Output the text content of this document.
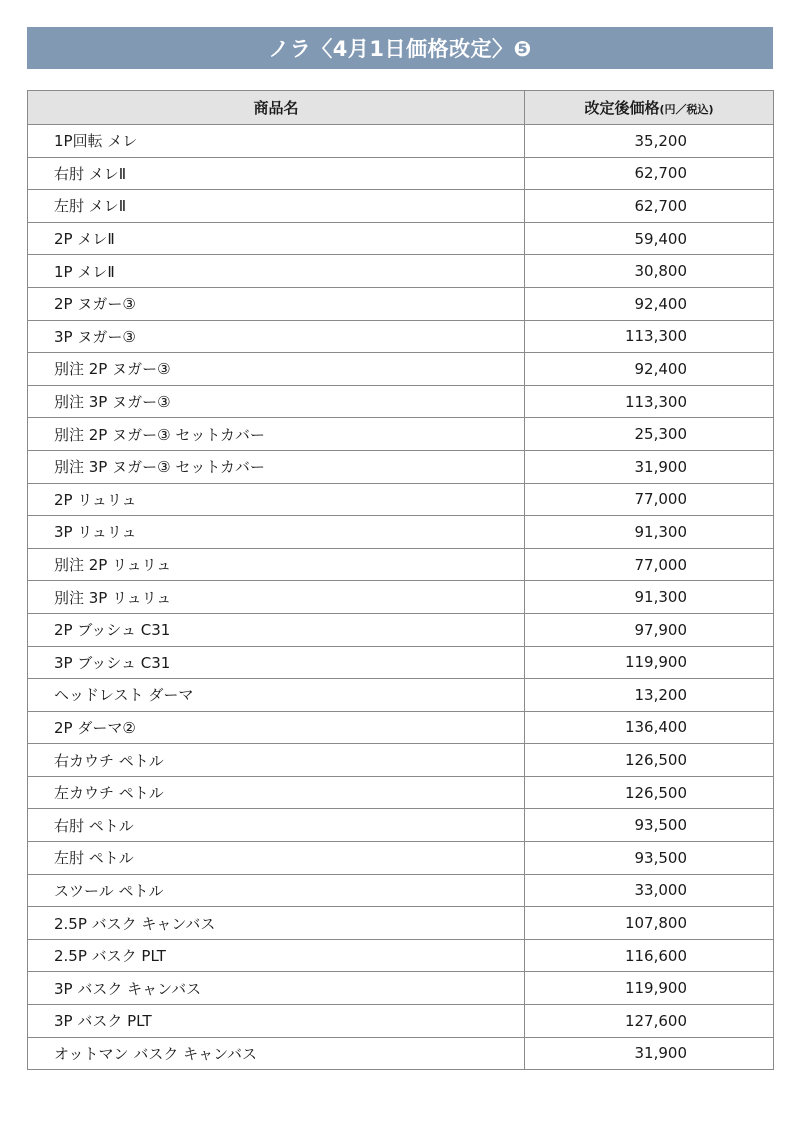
ノラ〈4月1日価格改定〉❺
商品名	改定後価格(円／税込)
1P回転 メレ	35,200
右肘 メレⅡ	62,700
左肘 メレⅡ	62,700
2P メレⅡ	59,400
1P メレⅡ	30,800
2P ヌガー③	92,400
3P ヌガー③	113,300
別注 2P ヌガー③	92,400
別注 3P ヌガー③	113,300
別注 2P ヌガー③ セットカバー	25,300
別注 3P ヌガー③ セットカバー	31,900
2P リュリュ	77,000
3P リュリュ	91,300
別注 2P リュリュ	77,000
別注 3P リュリュ	91,300
2P ブッシュ C31	97,900
3P ブッシュ C31	119,900
ヘッドレスト ダーマ	13,200
2P ダーマ②	136,400
右カウチ ペトル	126,500
左カウチ ペトル	126,500
右肘 ペトル	93,500
左肘 ペトル	93,500
スツール ペトル	33,000
2.5P バスク キャンバス	107,800
2.5P バスク PLT	116,600
3P バスク キャンバス	119,900
3P バスク PLT	127,600
オットマン バスク キャンバス	31,900
